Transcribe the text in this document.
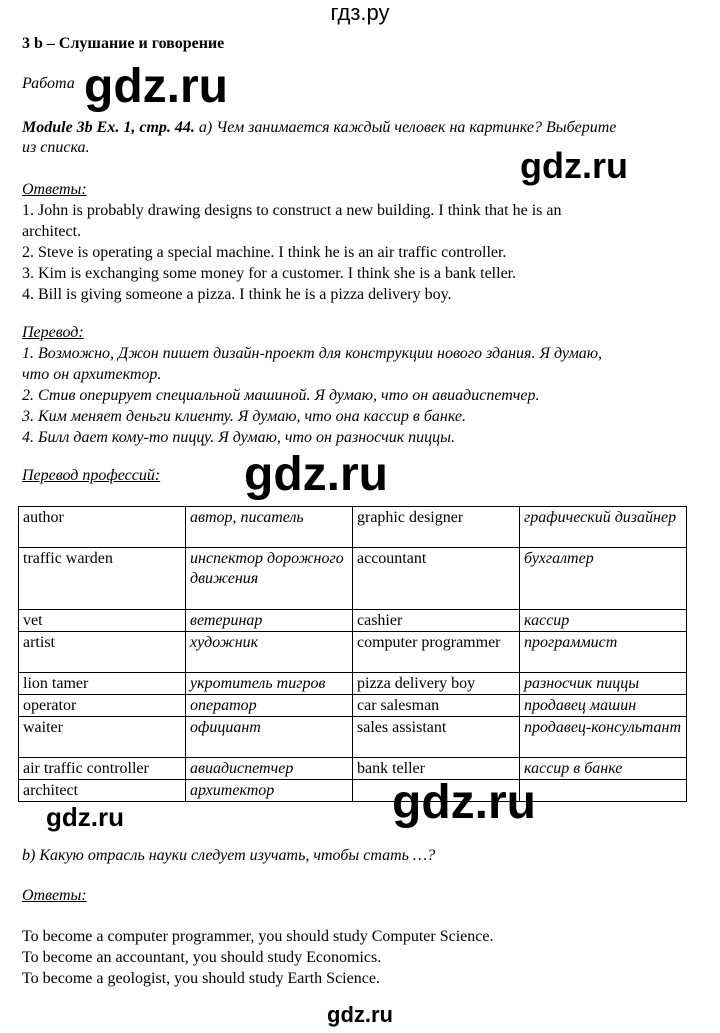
гдз.ру
3 b – Слушание и говорение
Работа gdz.ru
Module 3b Ex. 1, стр. 44. а) Чем занимается каждый человек на картинке? Выберите
из списка.	gdz.ru
Ответы:
1. John is probably drawing designs to construct a new building. I think that he is an
architect.
2. Steve is operating a special machine. I think he is an air traffic controller.
3. Kim is exchanging some money for a customer. I think she is a bank teller.
4. Bill is giving someone a pizza. I think he is a pizza delivery boy.
Перевод:
1. Возможно, Джон пишет дизайн-проект для конструкции нового здания. Я думаю,
что он архитектор.
2. Стив оперирует специальной машиной. Я думаю, что он авиадиспетчер.
3. Ким меняет деньги клиенту. Я думаю, что она кассир в банке.
4. Билл дает кому-то пиццу. Я думаю, что он разносчик пиццы.
Перевод профессий: gdz.ru
author	автор, писатель	graphic designer	графический дизайнер
traffic warden	инспектор дорожного движения	accountant	бухгалтер
vet	ветеринар	cashier	кассир
artist	художник	computer programmer	программист
lion tamer	укротитель тигров	pizza delivery boy	разносчик пиццы
operator	оператор	car salesman	продавец машин
waiter	официант	sales assistant	продавец-консультант
air traffic controller	авиадиспетчер	bank teller	кассир в банке
architect	архитектор		gdz.ru
gdz.ru
b) Какую отрасль науки следует изучать, чтобы стать …?
Ответы:
To become a computer programmer, you should study Computer Science.
To become an accountant, you should study Economics.
To become a geologist, you should study Earth Science.
gdz.ru
